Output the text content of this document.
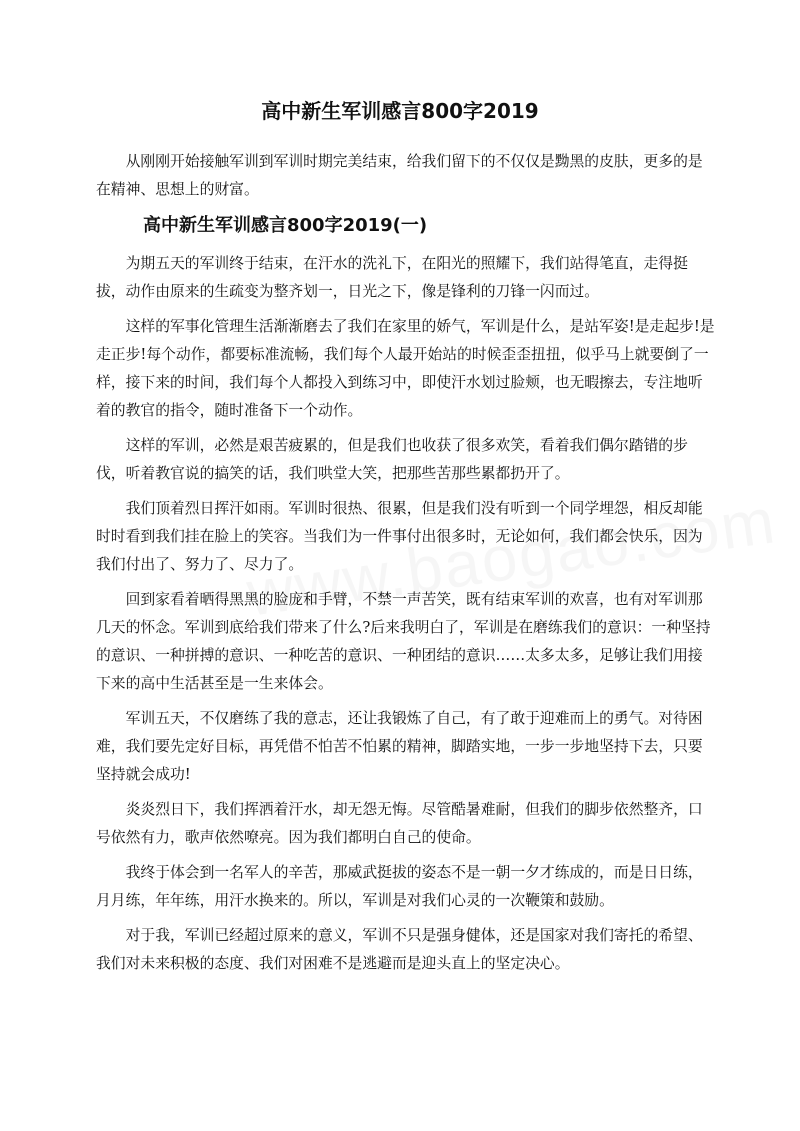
高中新生军训感言800字2019

从刚刚开始接触军训到军训时期完美结束，给我们留下的不仅仅是黝黑的皮肤，更多的是在精神、思想上的财富。

高中新生军训感言800字2019(一)

为期五天的军训终于结束，在汗水的洗礼下，在阳光的照耀下，我们站得笔直，走得挺拔，动作由原来的生疏变为整齐划一，日光之下，像是锋利的刀锋一闪而过。

这样的军事化管理生活渐渐磨去了我们在家里的娇气，军训是什么，是站军姿!是走起步!是走正步!每个动作，都要标准流畅，我们每个人最开始站的时候歪歪扭扭，似乎马上就要倒了一样，接下来的时间，我们每个人都投入到练习中，即使汗水划过脸颊，也无暇擦去，专注地听着的教官的指令，随时准备下一个动作。

这样的军训，必然是艰苦疲累的，但是我们也收获了很多欢笑，看着我们偶尔踏错的步伐，听着教官说的搞笑的话，我们哄堂大笑，把那些苦那些累都扔开了。

我们顶着烈日挥汗如雨。军训时很热、很累，但是我们没有听到一个同学埋怨，相反却能时时看到我们挂在脸上的笑容。当我们为一件事付出很多时，无论如何，我们都会快乐，因为我们付出了、努力了、尽力了。

回到家看着晒得黑黑的脸庞和手臂，不禁一声苦笑，既有结束军训的欢喜，也有对军训那几天的怀念。军训到底给我们带来了什么?后来我明白了，军训是在磨练我们的意识：一种坚持的意识、一种拼搏的意识、一种吃苦的意识、一种团结的意识……太多太多，足够让我们用接下来的高中生活甚至是一生来体会。

军训五天，不仅磨练了我的意志，还让我锻炼了自己，有了敢于迎难而上的勇气。对待困难，我们要先定好目标，再凭借不怕苦不怕累的精神，脚踏实地，一步一步地坚持下去，只要坚持就会成功!

炎炎烈日下，我们挥洒着汗水，却无怨无悔。尽管酷暑难耐，但我们的脚步依然整齐，口号依然有力，歌声依然嘹亮。因为我们都明白自己的使命。

我终于体会到一名军人的辛苦，那威武挺拔的姿态不是一朝一夕才练成的，而是日日练，月月练，年年练，用汗水换来的。所以，军训是对我们心灵的一次鞭策和鼓励。

对于我，军训已经超过原来的意义，军训不只是强身健体，还是国家对我们寄托的希望、我们对未来积极的态度、我们对困难不是逃避而是迎头直上的坚定决心。
